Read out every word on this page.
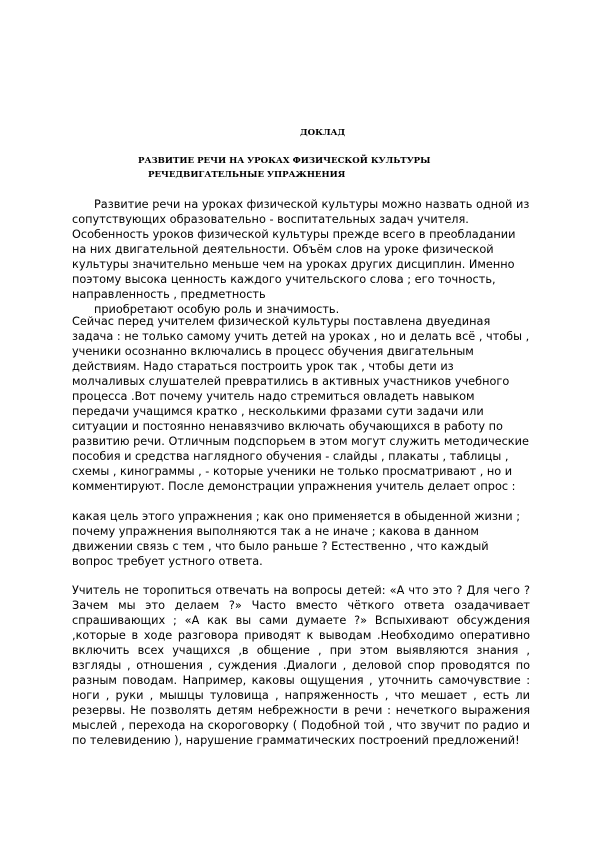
ДОКЛАД
РАЗВИТИЕ РЕЧИ НА УРОКАХ ФИЗИЧЕСКОЙ КУЛЬТУРЫ
РЕЧЕДВИГАТЕЛЬНЫЕ УПРАЖНЕНИЯ

Развитие речи на уроках физической культуры можно назвать одной из сопутствующих образовательно - воспитательных задач учителя. Особенность уроков физической культуры прежде всего в преобладании на них двигательной деятельности. Объём слов на уроке физической культуры значительно меньше чем на уроках других дисциплин. Именно поэтому высока ценность каждого учительского слова ; его точность, направленность , предметность

приобретают особую роль и значимость.

Сейчас перед учителем физической культуры поставлена двуединая задача : не только самому учить детей на уроках , но и делать всё , чтобы , ученики осознанно включались в процесс обучения двигательным действиям. Надо стараться построить урок так , чтобы дети из молчаливых слушателей превратились в активных участников учебного процесса .Вот почему учитель надо стремиться овладеть навыком передачи учащимся кратко , несколькими фразами сути задачи или ситуации и постоянно ненавязчиво включать обучающихся в работу по развитию речи. Отличным подспорьем в этом могут служить методические пособия и средства наглядного обучения - слайды , плакаты , таблицы , схемы , кинограммы , - которые ученики не только просматривают , но и комментируют. После демонстрации упражнения учитель делает опрос :

какая цель этого упражнения ; как оно применяется в обыденной жизни ; почему упражнения выполняются так а не иначе ; какова в данном движении связь с тем , что было раньше ? Естественно , что каждый вопрос требует устного ответа.

Учитель не торопиться отвечать на вопросы детей: «А что это ? Для чего ? Зачем мы это делаем ?» Часто вместо чёткого ответа озадачивает спрашивающих ; «А как вы сами думаете ?» Вспыхивают обсуждения ,которые в ходе разговора приводят к выводам .Необходимо оперативно включить всех учащихся ,в общение , при этом выявляются знания , взгляды , отношения , суждения .Диалоги , деловой спор проводятся по разным поводам. Например, каковы ощущения , уточнить самочувствие : ноги , руки , мышцы туловища , напряженность , что мешает , есть ли резервы. Не позволять детям небрежности в речи : нечеткого выражения мыслей , перехода на скороговорку ( Подобной той , что звучит по радио и по телевидению ), нарушение грамматических построений предложений!
